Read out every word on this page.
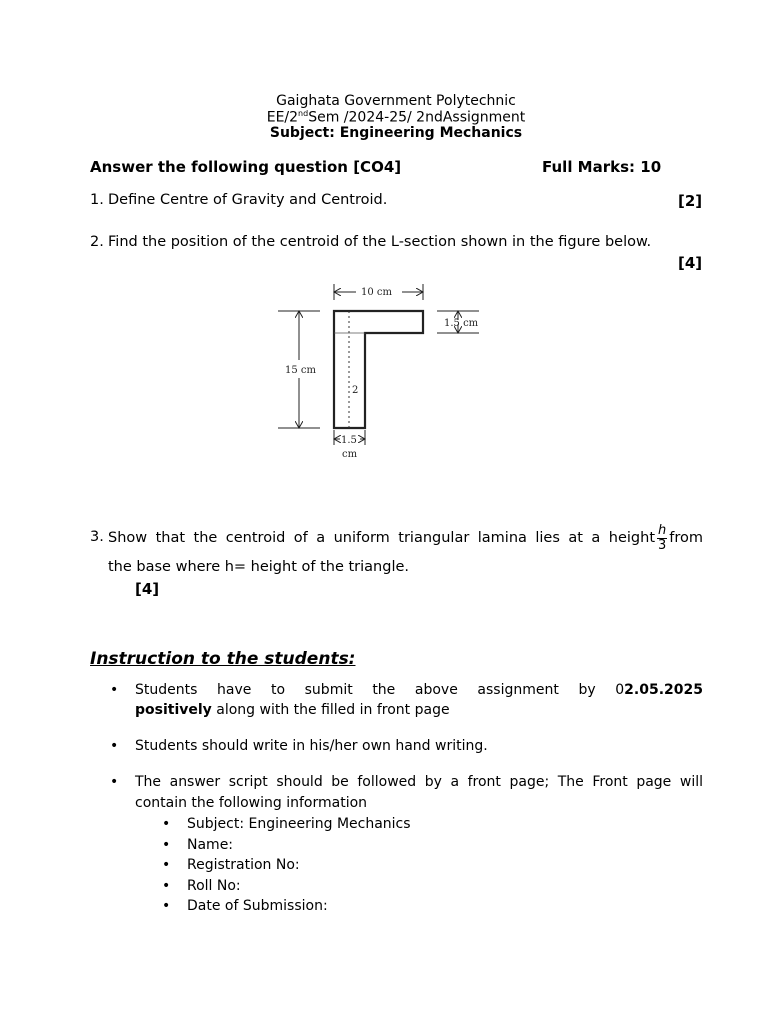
Gaighata Government Polytechnic
EE/2ndSem /2024-25/ 2ndAssignment
Subject: Engineering Mechanics
Answer the following question [CO4]	Full Marks: 10
1. Define Centre of Gravity and Centroid.	[2]
2. Find the position of the centroid of the L-section shown in the figure below.
[4]
10 cm
1.5 cm
15 cm
2
1.5
cm
3. Show that the centroid of a uniform triangular lamina lies at a height $\frac{h}{3}$ from
the base where h= height of the triangle.
[4]
Instruction to the students:
• Students have to submit the above assignment by 0 2.05.2025
positively along with the filled in front page
• Students should write in his/her own hand writing.
• The answer script should be followed by a front page; The Front page will
contain the following information
• Subject: Engineering Mechanics
• Name:
• Registration No:
• Roll No:
• Date of Submission:
